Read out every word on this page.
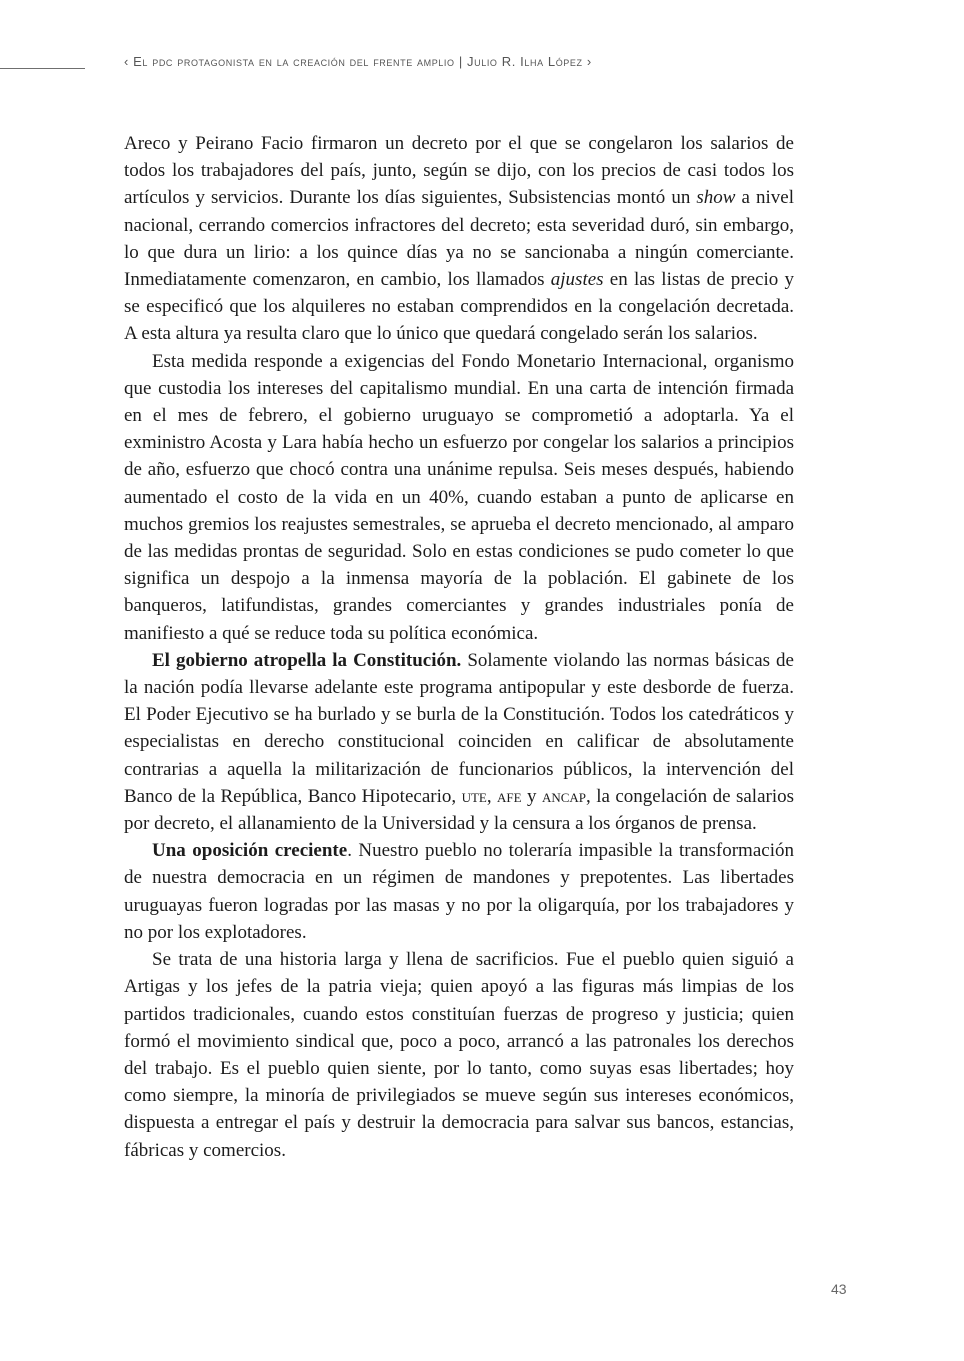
‹ El pdc protagonista en la creación del frente amplio | Julio R. Ilha López ›

Areco y Peirano Facio firmaron un decreto por el que se congelaron los salarios de todos los trabajadores del país, junto, según se dijo, con los precios de casi todos los artículos y servicios. Durante los días siguientes, Subsistencias montó un show a nivel nacional, cerrando comercios infractores del decreto; esta severidad duró, sin embargo, lo que dura un lirio: a los quince días ya no se sancionaba a ningún comerciante. Inmediatamente comenzaron, en cambio, los llamados ajustes en las listas de precio y se especificó que los alquileres no estaban comprendidos en la congelación decretada. A esta altura ya resulta claro que lo único que quedará congelado serán los salarios.

Esta medida responde a exigencias del Fondo Monetario Internacional, organismo que custodia los intereses del capitalismo mundial. En una carta de intención firmada en el mes de febrero, el gobierno uruguayo se comprometió a adoptarla. Ya el exministro Acosta y Lara había hecho un esfuerzo por congelar los salarios a principios de año, esfuerzo que chocó contra una unánime repulsa. Seis meses después, habiendo aumentado el costo de la vida en un 40%, cuando estaban a punto de aplicarse en muchos gremios los reajustes semestrales, se aprueba el decreto mencionado, al amparo de las medidas prontas de seguridad. Solo en estas condiciones se pudo cometer lo que significa un despojo a la inmensa mayoría de la población. El gabinete de los banqueros, latifundistas, grandes comerciantes y grandes industriales ponía de manifiesto a qué se reduce toda su política económica.

El gobierno atropella la Constitución. Solamente violando las normas básicas de la nación podía llevarse adelante este programa antipopular y este desborde de fuerza. El Poder Ejecutivo se ha burlado y se burla de la Constitución. Todos los catedráticos y especialistas en derecho constitucional coinciden en calificar de absolutamente contrarias a aquella la militarización de funcionarios públicos, la intervención del Banco de la República, Banco Hipotecario, ute, afe y ancap, la congelación de salarios por decreto, el allanamiento de la Universidad y la censura a los órganos de prensa.

Una oposición creciente. Nuestro pueblo no toleraría impasible la transformación de nuestra democracia en un régimen de mandones y prepotentes. Las libertades uruguayas fueron logradas por las masas y no por la oligarquía, por los trabajadores y no por los explotadores.

Se trata de una historia larga y llena de sacrificios. Fue el pueblo quien siguió a Artigas y los jefes de la patria vieja; quien apoyó a las figuras más limpias de los partidos tradicionales, cuando estos constituían fuerzas de progreso y justicia; quien formó el movimiento sindical que, poco a poco, arrancó a las patronales los derechos del trabajo. Es el pueblo quien siente, por lo tanto, como suyas esas libertades; hoy como siempre, la minoría de privilegiados se mueve según sus intereses económicos, dispuesta a entregar el país y destruir la democracia para salvar sus bancos, estancias, fábricas y comercios.

43
